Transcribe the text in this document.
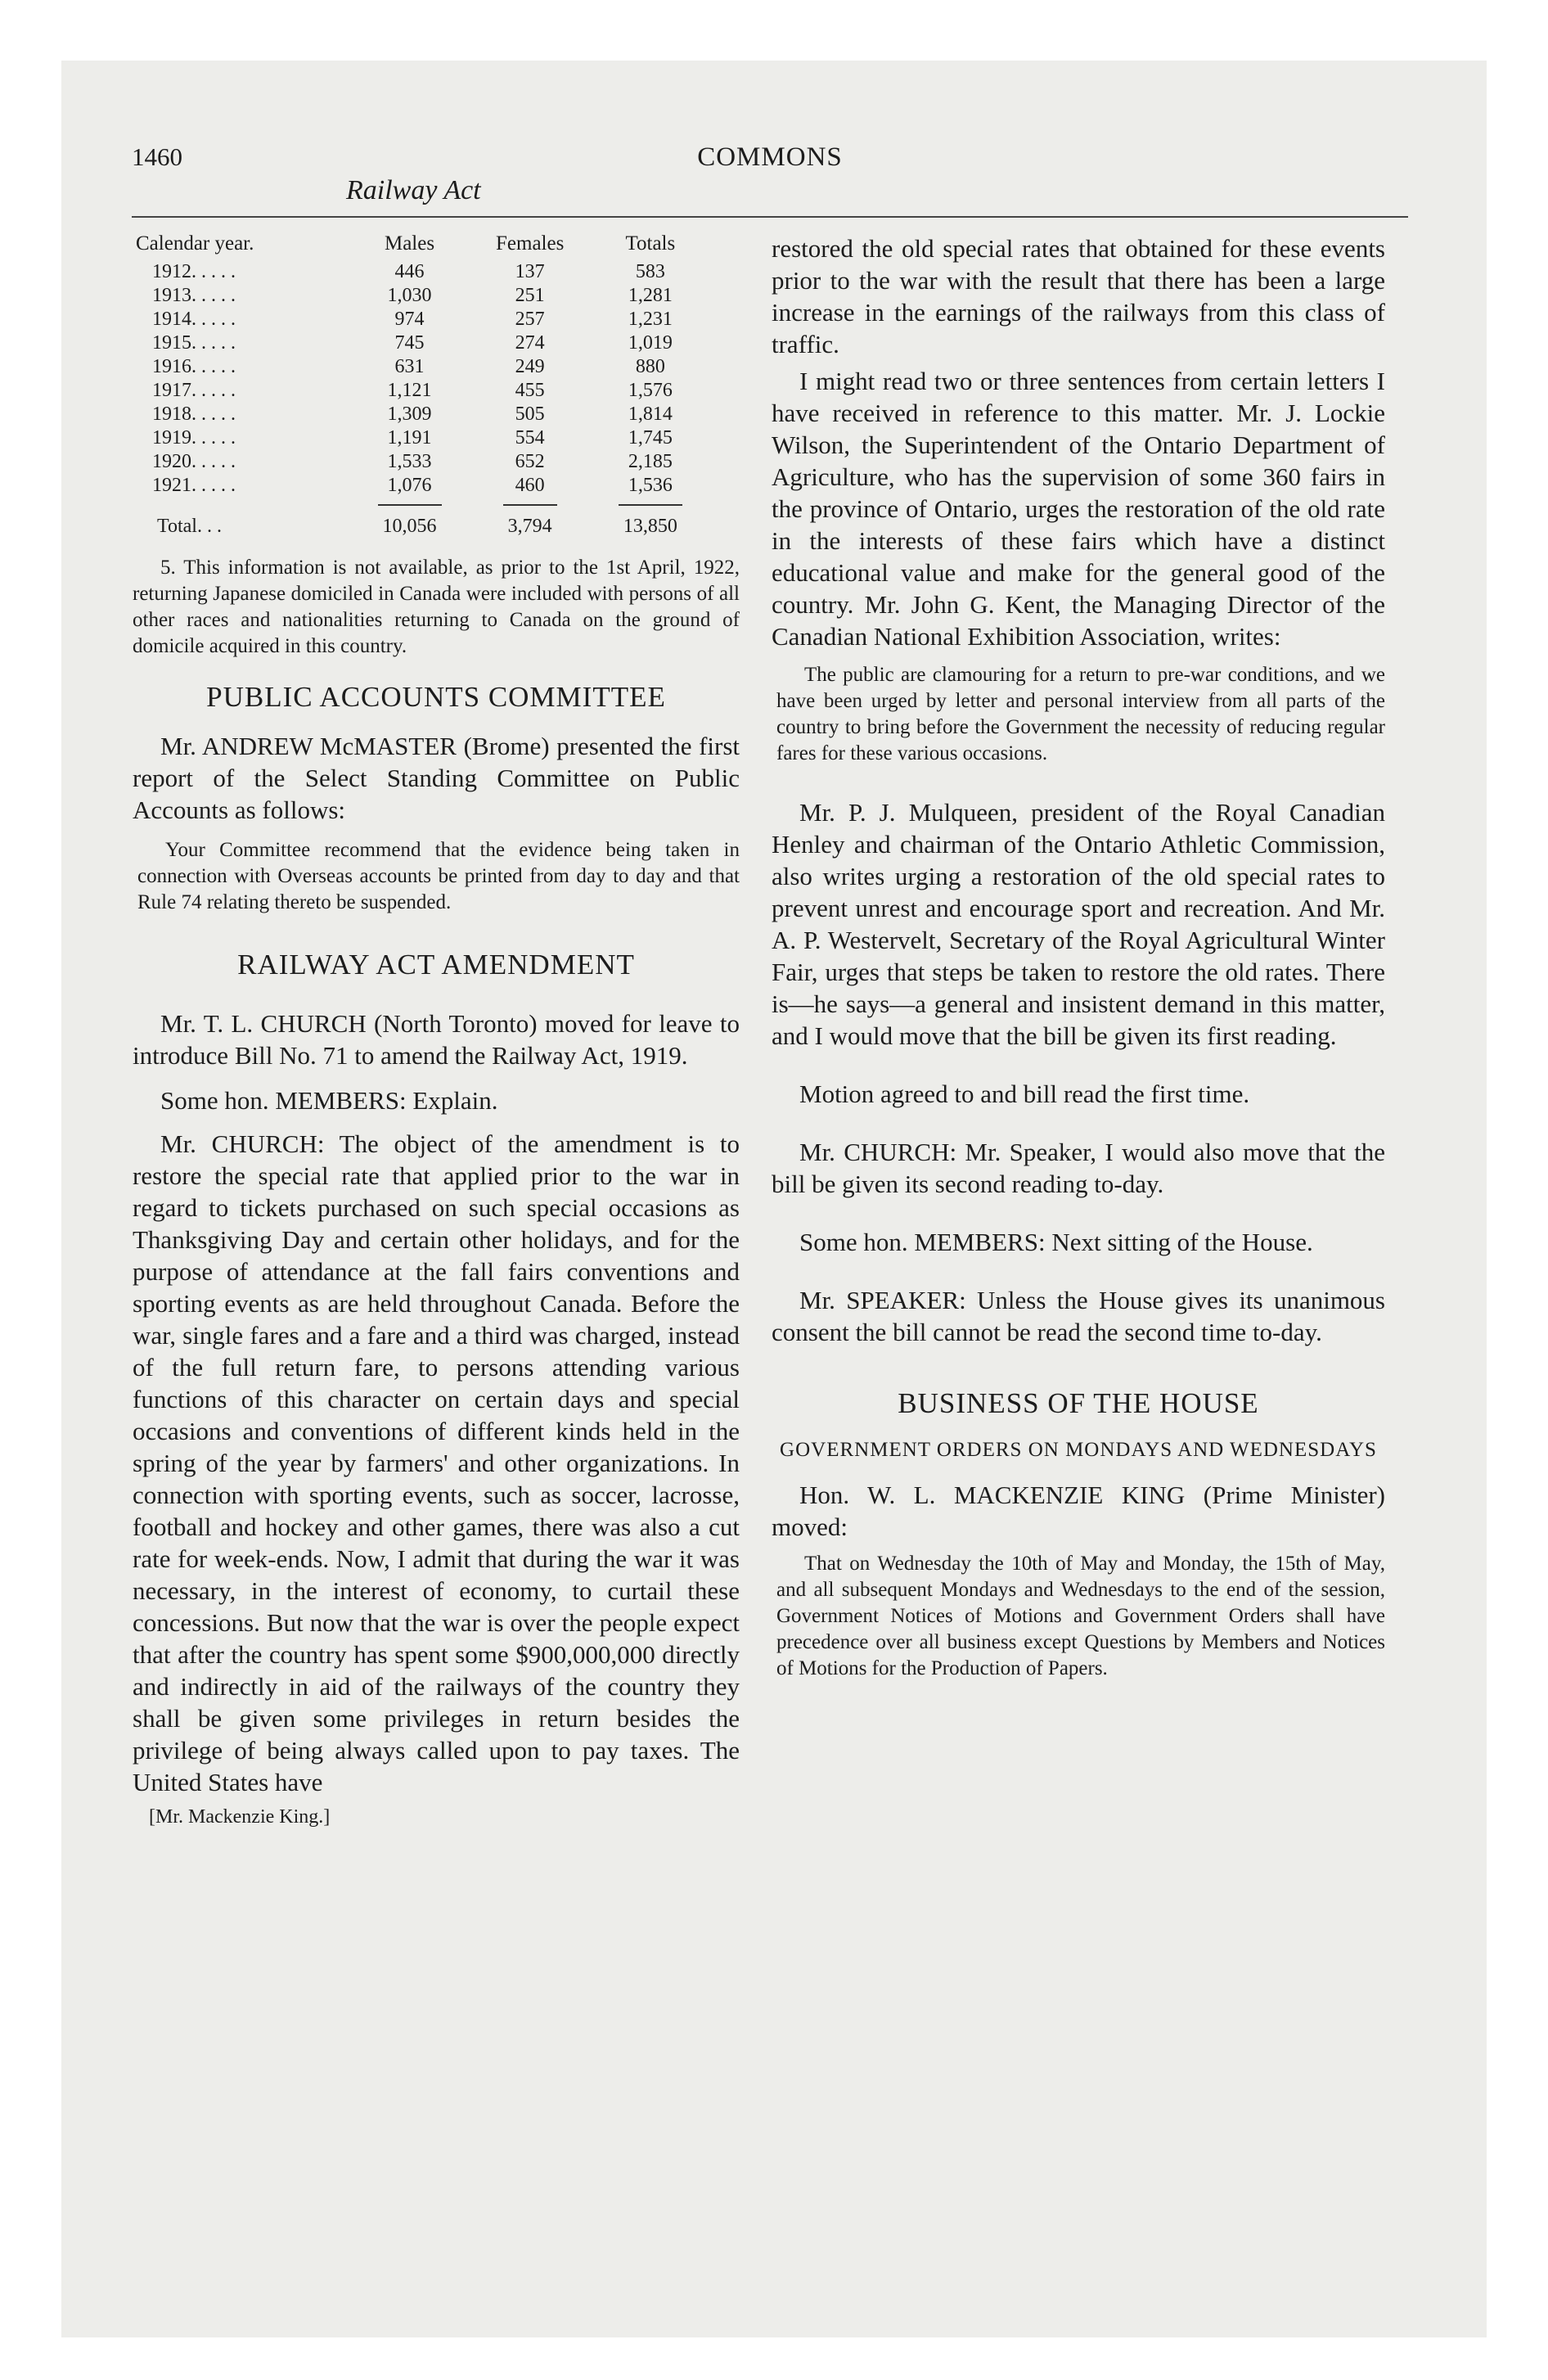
1460	COMMONS
Railway Act
Calendar year.	Males	Females	Totals
1912. . . . .	446	137	583
1913. . . . .	1,030	251	1,281
1914. . . . .	974	257	1,231
1915. . . . .	745	274	1,019
1916. . . . .	631	249	880
1917. . . . .	1,121	455	1,576
1918. . . . .	1,309	505	1,814
1919. . . . .	1,191	554	1,745
1920. . . . .	1,533	652	2,185
1921. . . . .	1,076	460	1,536
Total. . .	10,056	3,794	13,850

5. This information is not available, as prior to the 1st April, 1922, returning Japanese domiciled in Canada were included with persons of all other races and nationalities returning to Canada on the ground of domicile acquired in this country.

PUBLIC ACCOUNTS COMMITTEE

Mr. ANDREW McMASTER (Brome) presented the first report of the Select Standing Committee on Public Accounts as follows:

Your Committee recommend that the evidence being taken in connection with Overseas accounts be printed from day to day and that Rule 74 relating thereto be suspended.

RAILWAY ACT AMENDMENT

Mr. T. L. CHURCH (North Toronto) moved for leave to introduce Bill No. 71 to amend the Railway Act, 1919.

Some hon. MEMBERS: Explain.

Mr. CHURCH: The object of the amendment is to restore the special rate that applied prior to the war in regard to tickets purchased on such special occasions as Thanksgiving Day and certain other holidays, and for the purpose of attendance at the fall fairs conventions and sporting events as are held throughout Canada. Before the war, single fares and a fare and a third was charged, instead of the full return fare, to persons attending various functions of this character on certain days and special occasions and conventions of different kinds held in the spring of the year by farmers' and other organizations. In connection with sporting events, such as soccer, lacrosse, football and hockey and other games, there was also a cut rate for week-ends. Now, I admit that during the war it was necessary, in the interest of economy, to curtail these concessions. But now that the war is over the people expect that after the country has spent some $900,000,000 directly and indirectly in aid of the railways of the country they shall be given some privileges in return besides the privilege of being always called upon to pay taxes. The United States have

[Mr. Mackenzie King.]

restored the old special rates that obtained for these events prior to the war with the result that there has been a large increase in the earnings of the railways from this class of traffic.

I might read two or three sentences from certain letters I have received in reference to this matter. Mr. J. Lockie Wilson, the Superintendent of the Ontario Department of Agriculture, who has the supervision of some 360 fairs in the province of Ontario, urges the restoration of the old rate in the interests of these fairs which have a distinct educational value and make for the general good of the country. Mr. John G. Kent, the Managing Director of the Canadian National Exhibition Association, writes:

The public are clamouring for a return to pre-war conditions, and we have been urged by letter and personal interview from all parts of the country to bring before the Government the necessity of reducing regular fares for these various occasions.

Mr. P. J. Mulqueen, president of the Royal Canadian Henley and chairman of the Ontario Athletic Commission, also writes urging a restoration of the old special rates to prevent unrest and encourage sport and recreation. And Mr. A. P. Westervelt, Secretary of the Royal Agricultural Winter Fair, urges that steps be taken to restore the old rates. There is—he says—a general and insistent demand in this matter, and I would move that the bill be given its first reading.

Motion agreed to and bill read the first time.

Mr. CHURCH: Mr. Speaker, I would also move that the bill be given its second reading to-day.

Some hon. MEMBERS: Next sitting of the House.

Mr. SPEAKER: Unless the House gives its unanimous consent the bill cannot be read the second time to-day.

BUSINESS OF THE HOUSE

GOVERNMENT ORDERS ON MONDAYS AND WEDNESDAYS

Hon. W. L. MACKENZIE KING (Prime Minister) moved:

That on Wednesday the 10th of May and Monday, the 15th of May, and all subsequent Mondays and Wednesdays to the end of the session, Government Notices of Motions and Government Orders shall have precedence over all business except Questions by Members and Notices of Motions for the Production of Papers.
